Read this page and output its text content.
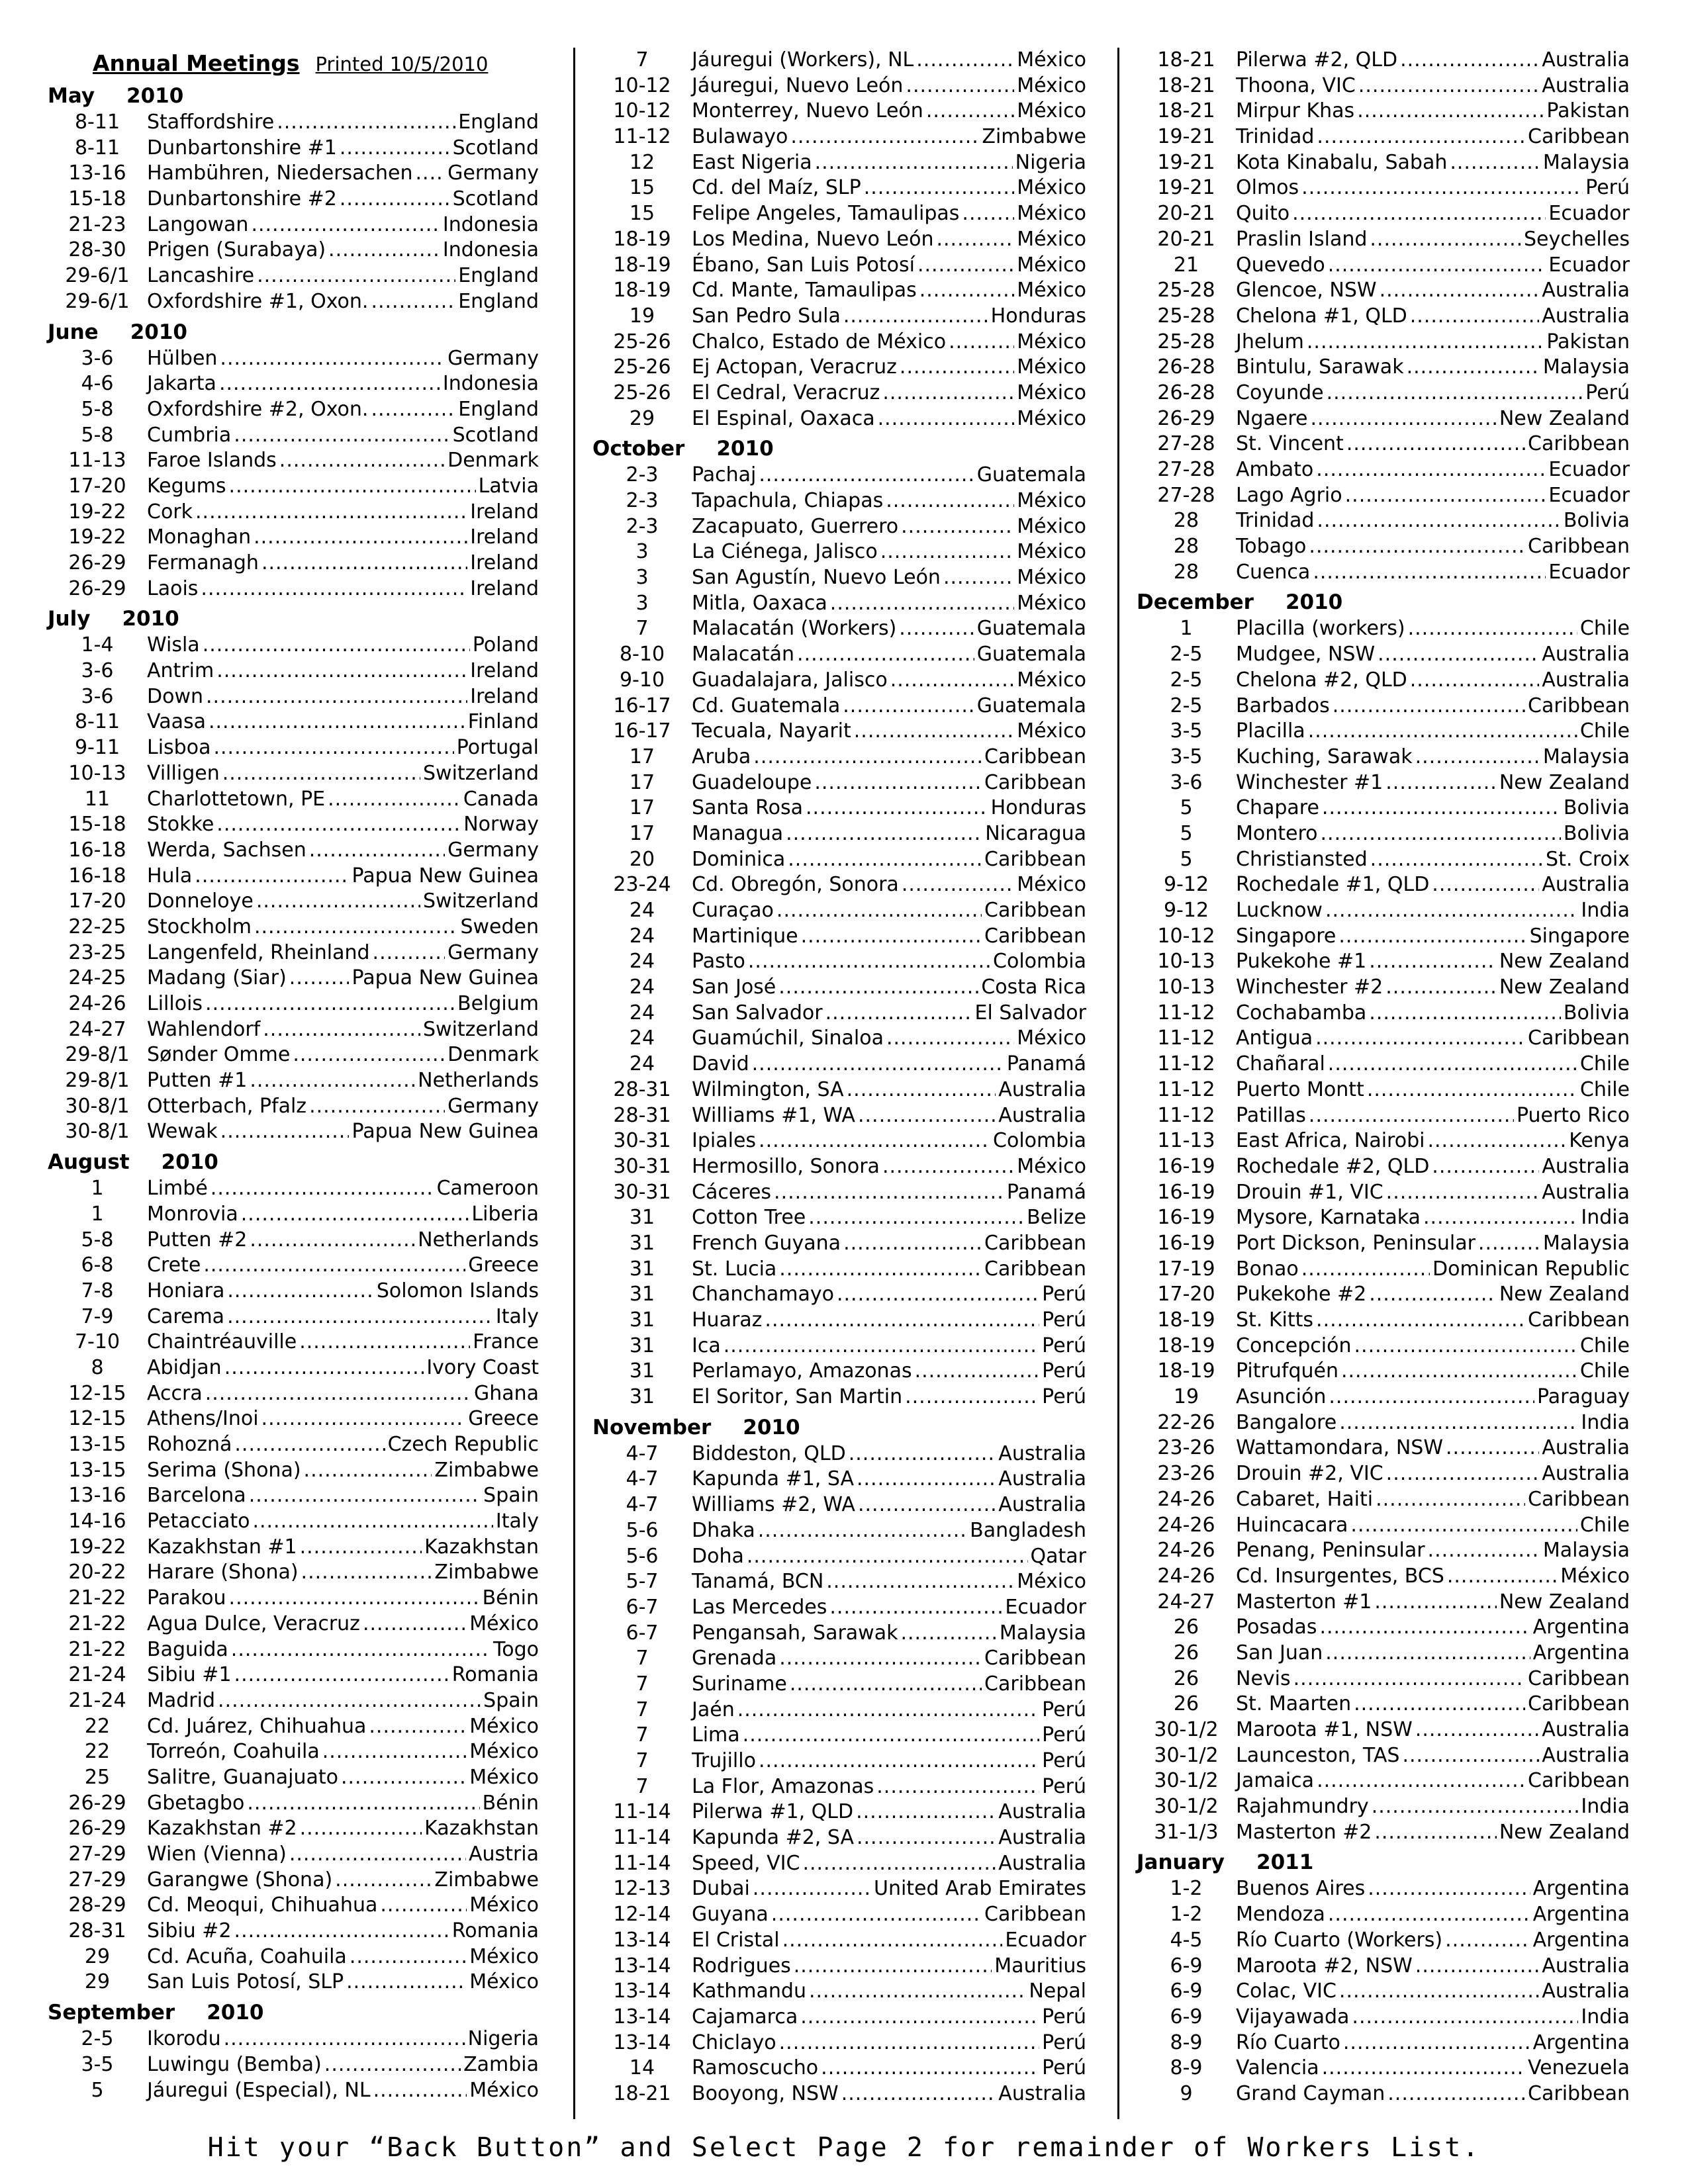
Annual Meetings Printed 10/5/2010
May 2010
8-11	Staffordshire .....	England
8-11	Dunbartonshire #1 .....	Scotland
13-16	Hambühren, Niedersachen ..... Germany
15-18	Dunbartonshire #2 .....	Scotland
21-23	Langowan .....	Indonesia
28-30	Prigen (Surabaya) .....	Indonesia
29-6/1 Lancashire .....	England
29-6/1 Oxfordshire #1, Oxon. .....	England
June 2010
3-6	Hülben .....	Germany
4-6	Jakarta .....	Indonesia
5-8	Oxfordshire #2, Oxon. .....	England
5-8	Cumbria .....	Scotland
11-13	Faroe Islands .....	Denmark
17-20	Kegums .....	Latvia
19-22	Cork .....	Ireland
19-22	Monaghan .....	Ireland
26-29	Fermanagh .....	Ireland
26-29	Laois .....	Ireland
July 2010
1-4	Wisla .....	Poland
3-6	Antrim .....	Ireland
3-6	Down .....	Ireland
8-11	Vaasa .....	Finland
9-11	Lisboa .....	Portugal
10-13	Villigen .....	Switzerland
11	Charlottetown, PE .....	Canada
15-18	Stokke .....	Norway
16-18	Werda, Sachsen .....	Germany
16-18	Hula .....	Papua New Guinea
17-20	Donneloye .....	Switzerland
22-25	Stockholm .....	Sweden
23-25	Langenfeld, Rheinland .....	Germany
24-25	Madang (Siar) .....	Papua New Guinea
24-26	Lillois .....	Belgium
24-27	Wahlendorf .....	Switzerland
29-8/1 Sønder Omme .....	Denmark
29-8/1 Putten #1 .....	Netherlands
30-8/1 Otterbach, Pfalz .....	Germany
30-8/1 Wewak .....	Papua New Guinea
August 2010
1	Limbé .....	Cameroon
1	Monrovia .....	Liberia
5-8	Putten #2 .....	Netherlands
6-8	Crete .....	Greece
7-8	Honiara .....	Solomon Islands
7-9	Carema .....	Italy
7-10	Chaintréauville .....	France
8	Abidjan .....	Ivory Coast
12-15	Accra .....	Ghana
12-15	Athens/Inoi .....	Greece
13-15	Rohozná .....	Czech Republic
13-15	Serima (Shona) .....	Zimbabwe
13-16	Barcelona .....	Spain
14-16	Petacciato .....	Italy
19-22	Kazakhstan #1 .....	Kazakhstan
20-22	Harare (Shona) .....	Zimbabwe
21-22	Parakou .....	Bénin
21-22	Agua Dulce, Veracruz .....	México
21-22	Baguida .....	Togo
21-24	Sibiu #1 .....	Romania
21-24	Madrid .....	Spain
22	Cd. Juárez, Chihuahua .....	México
22	Torreón, Coahuila .....	México
25	Salitre, Guanajuato .....	México
26-29	Gbetagbo .....	Bénin
26-29	Kazakhstan #2 .....	Kazakhstan
27-29	Wien (Vienna) .....	Austria
27-29	Garangwe (Shona) .....	Zimbabwe
28-29	Cd. Meoqui, Chihuahua .....	México
28-31	Sibiu #2 .....	Romania
29	Cd. Acuña, Coahuila .....	México
29	San Luis Potosí, SLP .....	México
September 2010
2-5	Ikorodu .....	Nigeria
3-5	Luwingu (Bemba) .....	Zambia
5	Jáuregui (Especial), NL .....	México
7	Jáuregui (Workers), NL .....	México
10-12	Jáuregui, Nuevo León .....	México
10-12	Monterrey, Nuevo León .....	México
11-12	Bulawayo .....	Zimbabwe
12	East Nigeria .....	Nigeria
15	Cd. del Maíz, SLP .....	México
15	Felipe Angeles, Tamaulipas .....	México
18-19	Los Medina, Nuevo León .....	México
18-19	Ébano, San Luis Potosí .....	México
18-19	Cd. Mante, Tamaulipas .....	México
19	San Pedro Sula .....	Honduras
25-26	Chalco, Estado de México .....	México
25-26	Ej Actopan, Veracruz .....	México
25-26	El Cedral, Veracruz .....	México
29	El Espinal, Oaxaca .....	México
October 2010
2-3	Pachaj .....	Guatemala
2-3	Tapachula, Chiapas .....	México
2-3	Zacapuato, Guerrero .....	México
3	La Ciénega, Jalisco .....	México
3	San Agustín, Nuevo León .....	México
3	Mitla, Oaxaca .....	México
7	Malacatán (Workers) .....	Guatemala
8-10	Malacatán .....	Guatemala
9-10	Guadalajara, Jalisco .....	México
16-17	Cd. Guatemala .....	Guatemala
16-17	Tecuala, Nayarit .....	México
17	Aruba .....	Caribbean
17	Guadeloupe .....	Caribbean
17	Santa Rosa .....	Honduras
17	Managua .....	Nicaragua
20	Dominica .....	Caribbean
23-24	Cd. Obregón, Sonora .....	México
24	Curaçao .....	Caribbean
24	Martinique .....	Caribbean
24	Pasto .....	Colombia
24	San José .....	Costa Rica
24	San Salvador .....	El Salvador
24	Guamúchil, Sinaloa .....	México
24	David .....	Panamá
28-31	Wilmington, SA .....	Australia
28-31	Williams #1, WA .....	Australia
30-31	Ipiales .....	Colombia
30-31	Hermosillo, Sonora .....	México
30-31	Cáceres .....	Panamá
31	Cotton Tree .....	Belize
31	French Guyana .....	Caribbean
31	St. Lucia .....	Caribbean
31	Chanchamayo .....	Perú
31	Huaraz .....	Perú
31	Ica .....	Perú
31	Perlamayo, Amazonas .....	Perú
31	El Soritor, San Martin .....	Perú
November 2010
4-7	Biddeston, QLD .....	Australia
4-7	Kapunda #1, SA .....	Australia
4-7	Williams #2, WA .....	Australia
5-6	Dhaka .....	Bangladesh
5-6	Doha .....	Qatar
5-7	Tanamá, BCN .....	México
6-7	Las Mercedes .....	Ecuador
6-7	Pengansah, Sarawak .....	Malaysia
7	Grenada .....	Caribbean
7	Suriname .....	Caribbean
7	Jaén .....	Perú
7	Lima .....	Perú
7	Trujillo .....	Perú
7	La Flor, Amazonas .....	Perú
11-14	Pilerwa #1, QLD .....	Australia
11-14	Kapunda #2, SA .....	Australia
11-14	Speed, VIC .....	Australia
12-13	Dubai .....	United Arab Emirates
12-14	Guyana .....	Caribbean
13-14	El Cristal .....	Ecuador
13-14	Rodrigues .....	Mauritius
13-14	Kathmandu .....	Nepal
13-14	Cajamarca .....	Perú
13-14	Chiclayo .....	Perú
14	Ramoscucho .....	Perú
18-21	Booyong, NSW .....	Australia
18-21	Pilerwa #2, QLD .....	Australia
18-21	Thoona, VIC .....	Australia
18-21	Mirpur Khas .....	Pakistan
19-21	Trinidad .....	Caribbean
19-21	Kota Kinabalu, Sabah .....	Malaysia
19-21	Olmos .....	Perú
20-21	Quito .....	Ecuador
20-21	Praslin Island .....	Seychelles
21	Quevedo .....	Ecuador
25-28	Glencoe, NSW .....	Australia
25-28	Chelona #1, QLD .....	Australia
25-28	Jhelum .....	Pakistan
26-28	Bintulu, Sarawak .....	Malaysia
26-28	Coyunde .....	Perú
26-29	Ngaere .....	New Zealand
27-28	St. Vincent .....	Caribbean
27-28	Ambato .....	Ecuador
27-28	Lago Agrio .....	Ecuador
28	Trinidad .....	Bolivia
28	Tobago .....	Caribbean
28	Cuenca .....	Ecuador
December 2010
1	Placilla (workers) .....	Chile
2-5	Mudgee, NSW .....	Australia
2-5	Chelona #2, QLD .....	Australia
2-5	Barbados .....	Caribbean
3-5	Placilla .....	Chile
3-5	Kuching, Sarawak .....	Malaysia
3-6	Winchester #1 .....	New Zealand
5	Chapare .....	Bolivia
5	Montero .....	Bolivia
5	Christiansted .....	St. Croix
9-12	Rochedale #1, QLD .....	Australia
9-12	Lucknow .....	India
10-12	Singapore .....	Singapore
10-13	Pukekohe #1 .....	New Zealand
10-13	Winchester #2 .....	New Zealand
11-12	Cochabamba .....	Bolivia
11-12	Antigua .....	Caribbean
11-12	Chañaral .....	Chile
11-12	Puerto Montt .....	Chile
11-12	Patillas .....	Puerto Rico
11-13	East Africa, Nairobi .....	Kenya
16-19	Rochedale #2, QLD .....	Australia
16-19	Drouin #1, VIC .....	Australia
16-19	Mysore, Karnataka .....	India
16-19	Port Dickson, Peninsular .....	Malaysia
17-19	Bonao .....	Dominican Republic
17-20	Pukekohe #2 .....	New Zealand
18-19	St. Kitts .....	Caribbean
18-19	Concepción .....	Chile
18-19	Pitrufquén .....	Chile
19	Asunción .....	Paraguay
22-26	Bangalore .....	India
23-26	Wattamondara, NSW .....	Australia
23-26	Drouin #2, VIC .....	Australia
24-26	Cabaret, Haiti .....	Caribbean
24-26	Huincacara .....	Chile
24-26	Penang, Peninsular .....	Malaysia
24-26	Cd. Insurgentes, BCS .....	México
24-27	Masterton #1 .....	New Zealand
26	Posadas .....	Argentina
26	San Juan .....	Argentina
26	Nevis .....	Caribbean
26	St. Maarten .....	Caribbean
30-1/2 Maroota #1, NSW .....	Australia
30-1/2 Launceston, TAS .....	Australia
30-1/2 Jamaica .....	Caribbean
30-1/2 Rajahmundry .....	India
31-1/3 Masterton #2 .....	New Zealand
January 2011
1-2	Buenos Aires .....	Argentina
1-2	Mendoza .....	Argentina
4-5	Río Cuarto (Workers) .....	Argentina
6-9	Maroota #2, NSW .....	Australia
6-9	Colac, VIC .....	Australia
6-9	Vijayawada .....	India
8-9	Río Cuarto .....	Argentina
8-9	Valencia .....	Venezuela
9	Grand Cayman .....	Caribbean
Hit your “Back Button” and Select Page 2 for remainder of Workers List.
